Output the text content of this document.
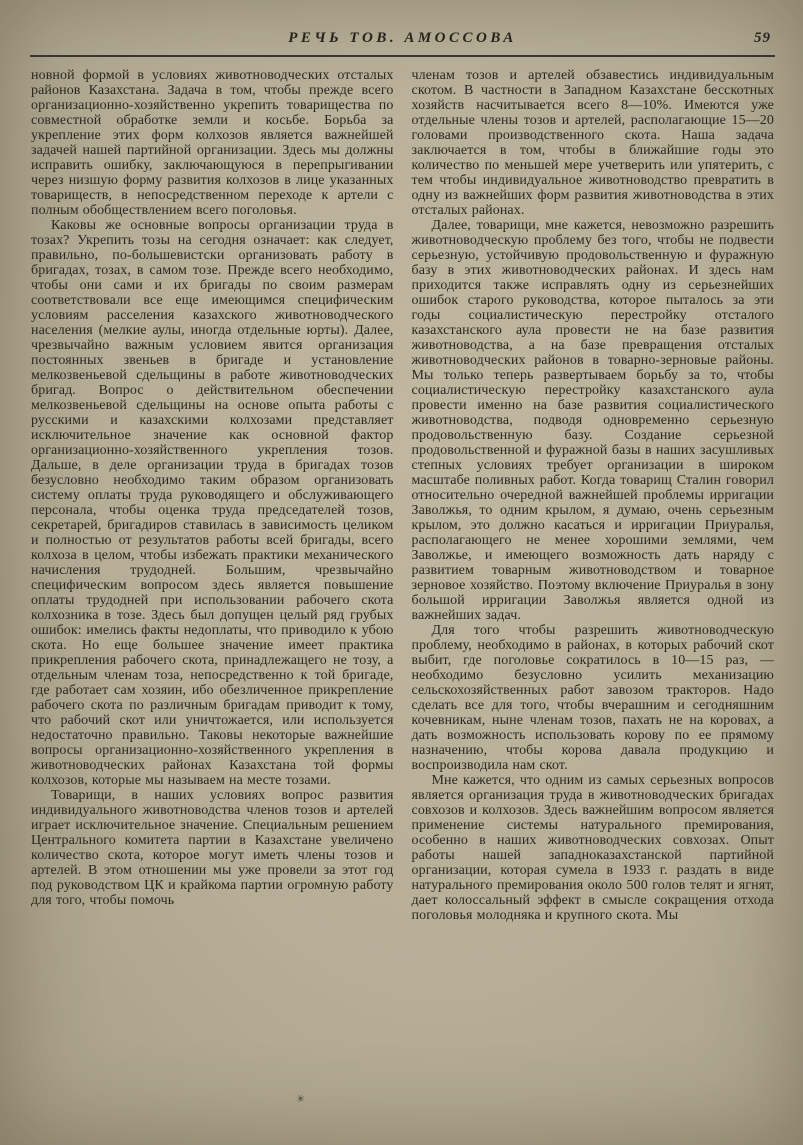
РЕЧЬ ТОВ. АМОССОВА	59

новной формой в условиях животноводческих отсталых районов Казахстана. Задача в том, чтобы прежде всего организационно-хозяйственно укрепить товарищества по совместной обработке земли и косьбе. Борьба за укрепление этих форм колхозов является важнейшей задачей нашей партийной организации. Здесь мы должны исправить ошибку, заключающуюся в перепрыгивании через низшую форму развития колхозов в лице указанных товариществ, в непосредственном переходе к артели с полным обобществлением всего поголовья.

Каковы же основные вопросы организации труда в тозах? Укрепить тозы на сегодня означает: как следует, правильно, по-большевистски организовать работу в бригадах, тозах, в самом тозе. Прежде всего необходимо, чтобы они сами и их бригады по своим размерам соответствовали все еще имеющимся специфическим условиям расселения казахского животноводческого населения (мелкие аулы, иногда отдельные юрты). Далее, чрезвычайно важным условием явится организация постоянных звеньев в бригаде и установление мелкозвеньевой сдельщины в работе животноводческих бригад. Вопрос о действительном обеспечении мелкозвеньевой сдельщины на основе опыта работы с русскими и казахскими колхозами представляет исключительное значение как основной фактор организационно-хозяйственного укрепления тозов. Дальше, в деле организации труда в бригадах тозов безусловно необходимо таким образом организовать систему оплаты труда руководящего и обслуживающего персонала, чтобы оценка труда председателей тозов, секретарей, бригадиров ставилась в зависимость целиком и полностью от результатов работы всей бригады, всего колхоза в целом, чтобы избежать практики механического начисления трудодней. Большим, чрезвычайно специфическим вопросом здесь является повышение оплаты трудодней при использовании рабочего скота колхозника в тозе. Здесь был допущен целый ряд грубых ошибок: имелись факты недоплаты, что приводило к убою скота. Но еще большее значение имеет практика прикрепления рабочего скота, принадлежащего не тозу, а отдельным членам тоза, непосредственно к той бригаде, где работает сам хозяин, ибо обезличенное прикрепление рабочего скота по различным бригадам приводит к тому, что рабочий скот или уничтожается, или используется недостаточно правильно. Таковы некоторые важнейшие вопросы организационно-хозяйственного укрепления в животноводческих районах Казахстана той формы колхозов, которые мы называем на месте тозами.

Товарищи, в наших условиях вопрос развития индивидуального животноводства членов тозов и артелей играет исключительное значение. Специальным решением Центрального комитета партии в Казахстане увеличено количество скота, которое могут иметь члены тозов и артелей. В этом отношении мы уже провели за этот год под руководством ЦК и крайкома партии огромную работу для того, чтобы помочь

членам тозов и артелей обзавестись индивидуальным скотом. В частности в Западном Казахстане бесскотных хозяйств насчитывается всего 8—10%. Имеются уже отдельные члены тозов и артелей, располагающие 15—20 головами производственного скота. Наша задача заключается в том, чтобы в ближайшие годы это количество по меньшей мере учетверить или упятерить, с тем чтобы индивидуальное животноводство превратить в одну из важнейших форм развития животноводства в этих отсталых районах.

Далее, товарищи, мне кажется, невозможно разрешить животноводческую проблему без того, чтобы не подвести серьезную, устойчивую продовольственную и фуражную базу в этих животноводческих районах. И здесь нам приходится также исправлять одну из серьезнейших ошибок старого руководства, которое пыталось за эти годы социалистическую перестройку отсталого казахстанского аула провести не на базе развития животноводства, а на базе превращения отсталых животноводческих районов в товарно-зерновые районы. Мы только теперь развертываем борьбу за то, чтобы социалистическую перестройку казахстанского аула провести именно на базе развития социалистического животноводства, подводя одновременно серьезную продовольственную базу. Создание серьезной продовольственной и фуражной базы в наших засушливых степных условиях требует организации в широком масштабе поливных работ. Когда товарищ Сталин говорил относительно очередной важнейшей проблемы ирригации Заволжья, то одним крылом, я думаю, очень серьезным крылом, это должно касаться и ирригации Приуралья, располагающего не менее хорошими землями, чем Заволжье, и имеющего возможность дать наряду с развитием товарным животноводством и товарное зерновое хозяйство. Поэтому включение Приуралья в зону большой ирригации Заволжья является одной из важнейших задач.

Для того чтобы разрешить животноводческую проблему, необходимо в районах, в которых рабочий скот выбит, где поголовье сократилось в 10—15 раз, — необходимо безусловно усилить механизацию сельскохозяйственных работ завозом тракторов. Надо сделать все для того, чтобы вчерашним и сегодняшним кочевникам, ныне членам тозов, пахать не на коровах, а дать возможность использовать корову по ее прямому назначению, чтобы корова давала продукцию и воспроизводила нам скот.

Мне кажется, что одним из самых серьезных вопросов является организация труда в животноводческих бригадах совхозов и колхозов. Здесь важнейшим вопросом является применение системы натурального премирования, особенно в наших животноводческих совхозах. Опыт работы нашей западноказахстанской партийной организации, которая сумела в 1933 г. раздать в виде натурального премирования около 500 голов телят и ягнят, дает колоссальный эффект в смысле сокращения отхода поголовья молодняка и крупного скота. Мы

✳
